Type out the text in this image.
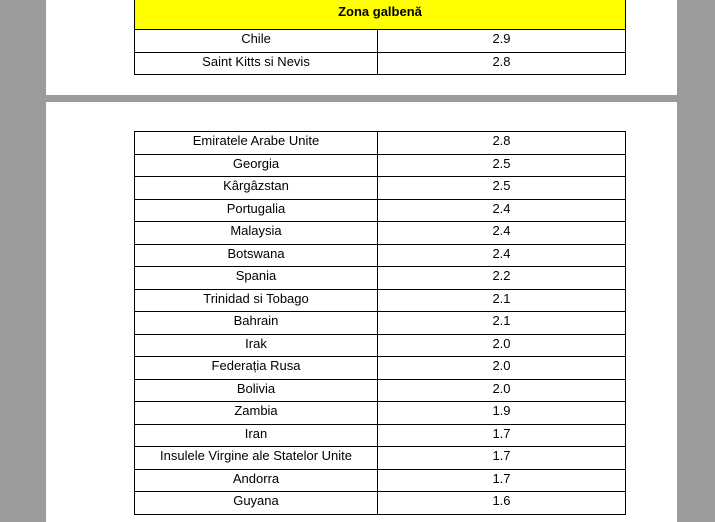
Zona galbenă	
Chile	2.9
Saint Kitts si Nevis	2.8
Emiratele Arabe Unite	2.8
Georgia	2.5
Kârgâzstan	2.5
Portugalia	2.4
Malaysia	2.4
Botswana	2.4
Spania	2.2
Trinidad si Tobago	2.1
Bahrain	2.1
Irak	2.0
Federația Rusa	2.0
Bolivia	2.0
Zambia	1.9
Iran	1.7
Insulele Virgine ale Statelor Unite	1.7
Andorra	1.7
Guyana	1.6
